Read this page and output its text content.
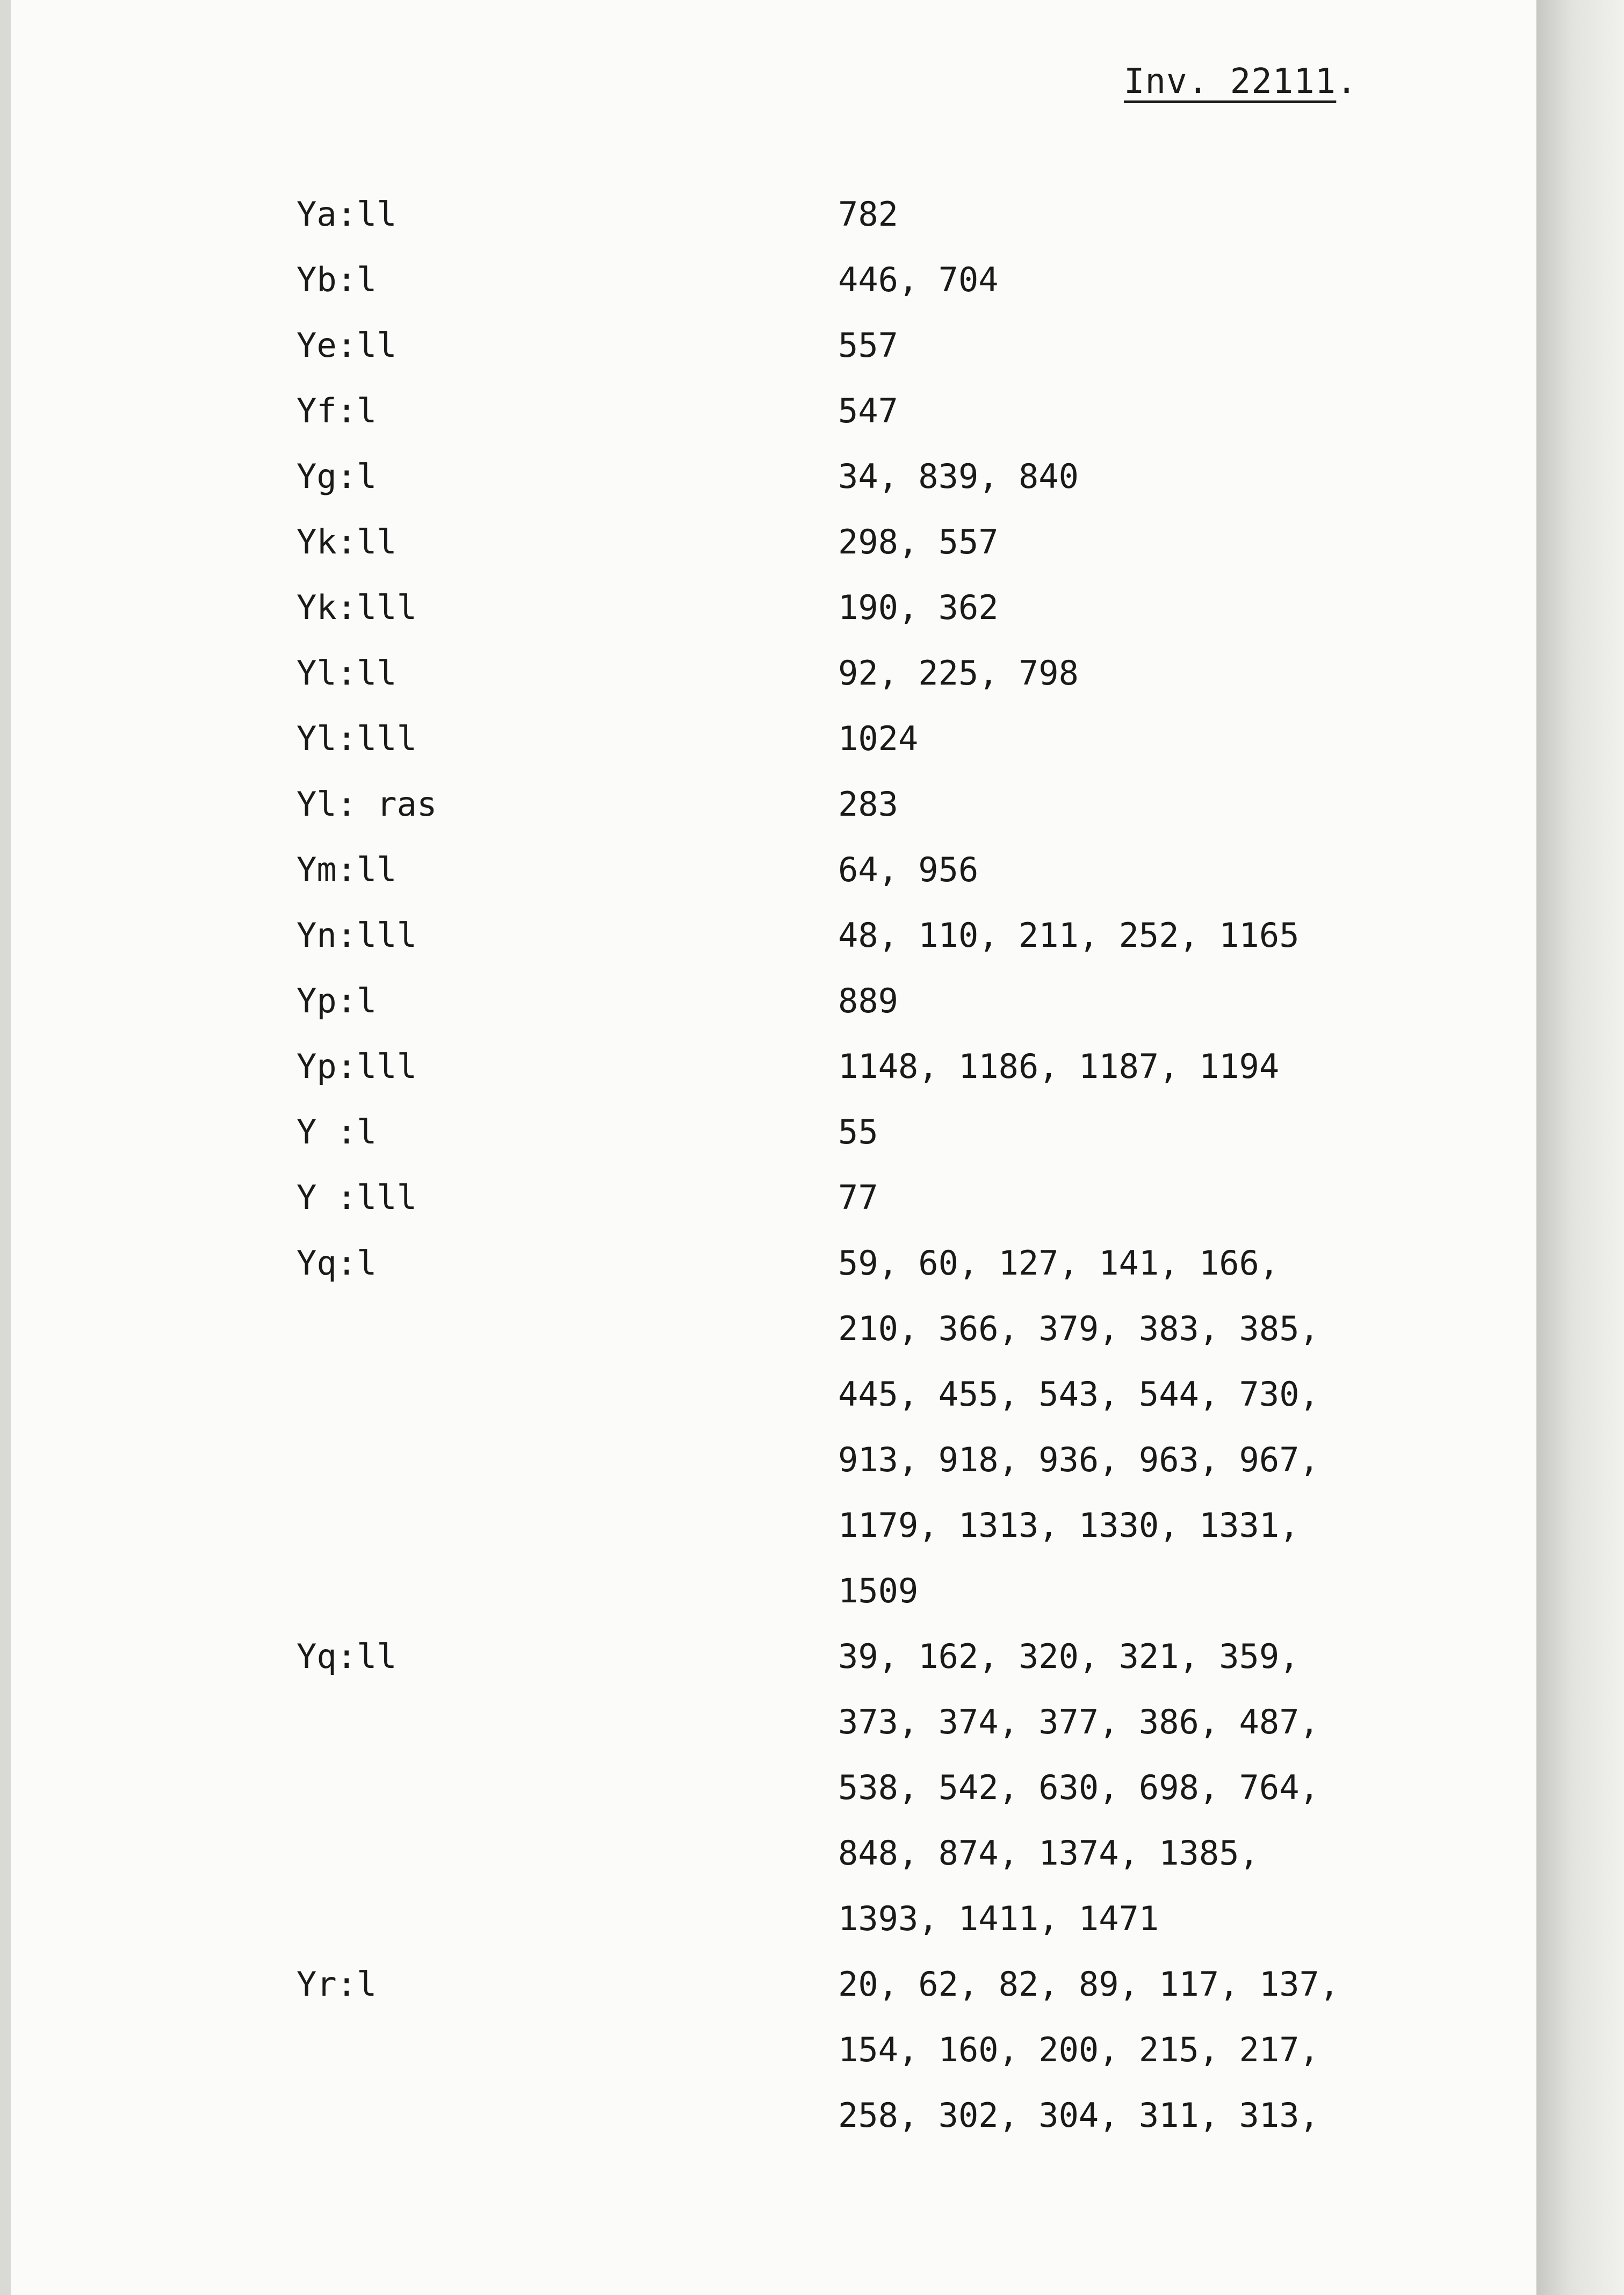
Inv. 22111.
Ya:ll	782
Yb:l	446, 704
Ye:ll	557
Yf:l	547
Yg:l	34, 839, 840
Yk:ll	298, 557
Yk:lll	190, 362
Yl:ll	92, 225, 798
Yl:lll	1024
Yl: ras	283
Ym:ll	64, 956
Yn:lll	48, 110, 211, 252, 1165
Yp:l	889
Yp:lll	1148, 1186, 1187, 1194
Y :l	55
Y :lll	77
Yq:l	59, 60, 127, 141, 166,
210, 366, 379, 383, 385,
445, 455, 543, 544, 730,
913, 918, 936, 963, 967,
1179, 1313, 1330, 1331,
1509
Yq:ll	39, 162, 320, 321, 359,
373, 374, 377, 386, 487,
538, 542, 630, 698, 764,
848, 874, 1374, 1385,
1393, 1411, 1471
Yr:l	20, 62, 82, 89, 117, 137,
154, 160, 200, 215, 217,
258, 302, 304, 311, 313,
